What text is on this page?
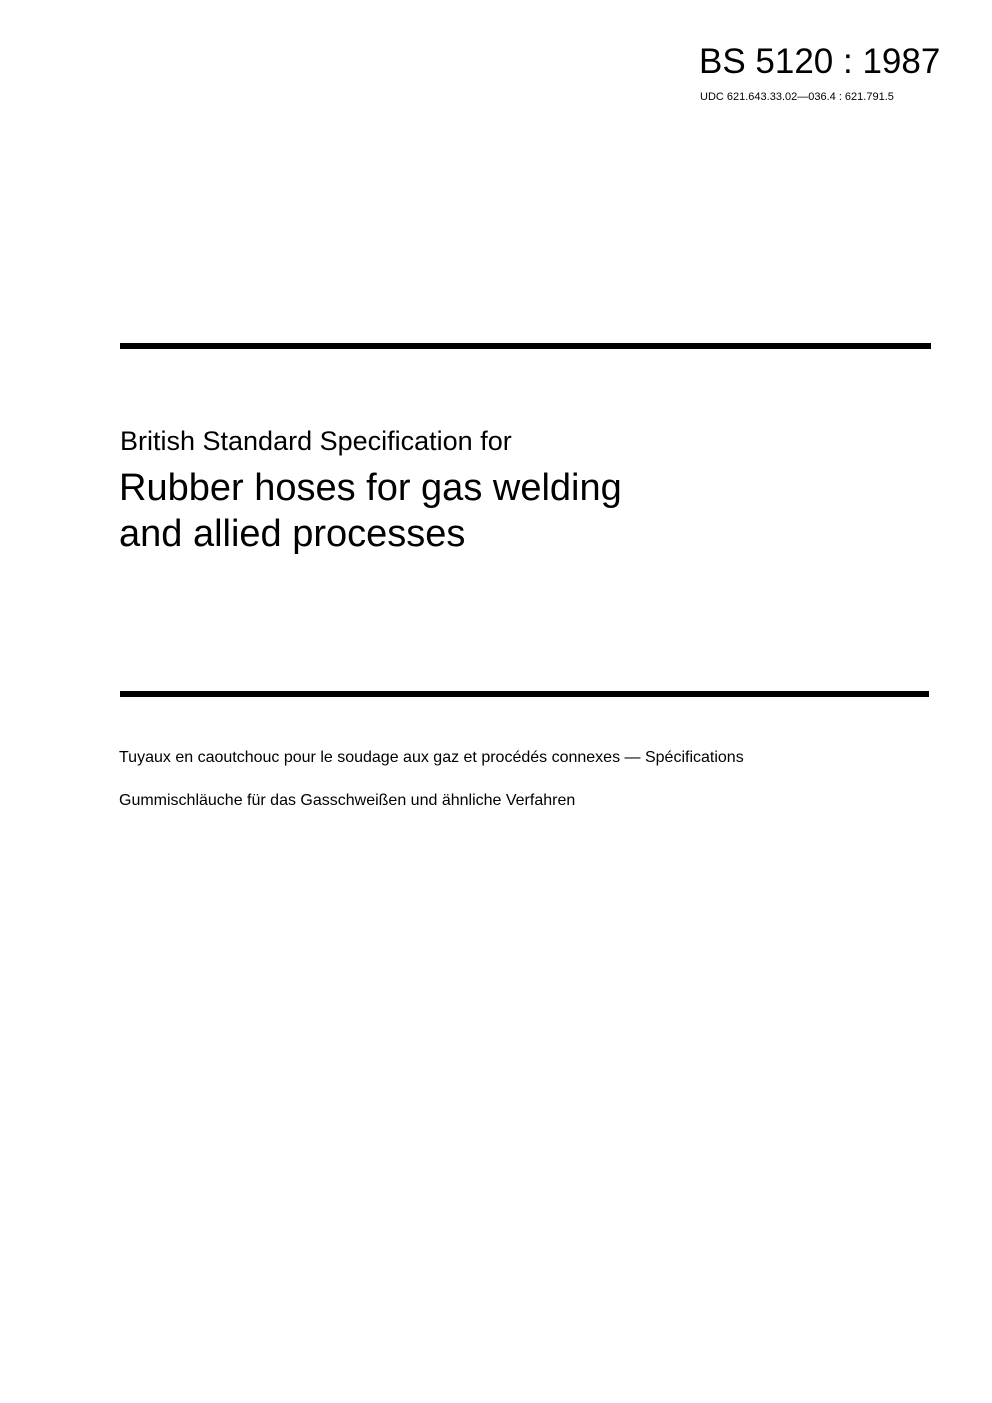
BS 5120 : 1987
UDC 621.643.33.02—036.4 : 621.791.5
British Standard Specification for
Rubber hoses for gas welding
and allied processes
Tuyaux en caoutchouc pour le soudage aux gaz et procédés connexes — Spécifications
Gummischläuche für das Gasschweißen und ähnliche Verfahren
